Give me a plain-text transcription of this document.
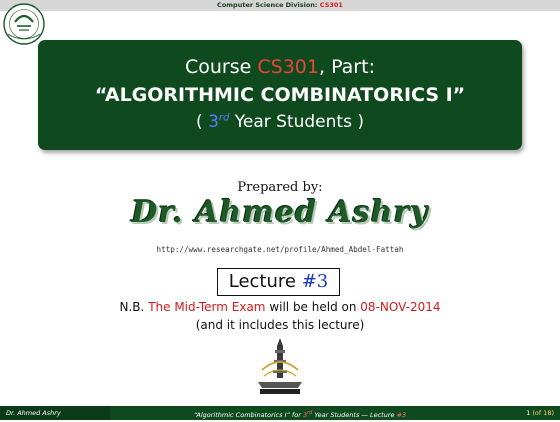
Computer Science Division: CS301
Course CS301, Part:
“ALGORITHMIC COMBINATORICS I”
( 3rd Year Students )
Prepared by:
Dr. Ahmed Ashry
http://www.researchgate.net/profile/Ahmed_Abdel-Fattah
Lecture #3
N.B. The Mid-Term Exam will be held on 08-NOV-2014
(and it includes this lecture)
Dr. Ahmed Ashry	“Algorithmic Combinatorics I” for 3rd Year Students — Lecture #3	1 (of 18)
